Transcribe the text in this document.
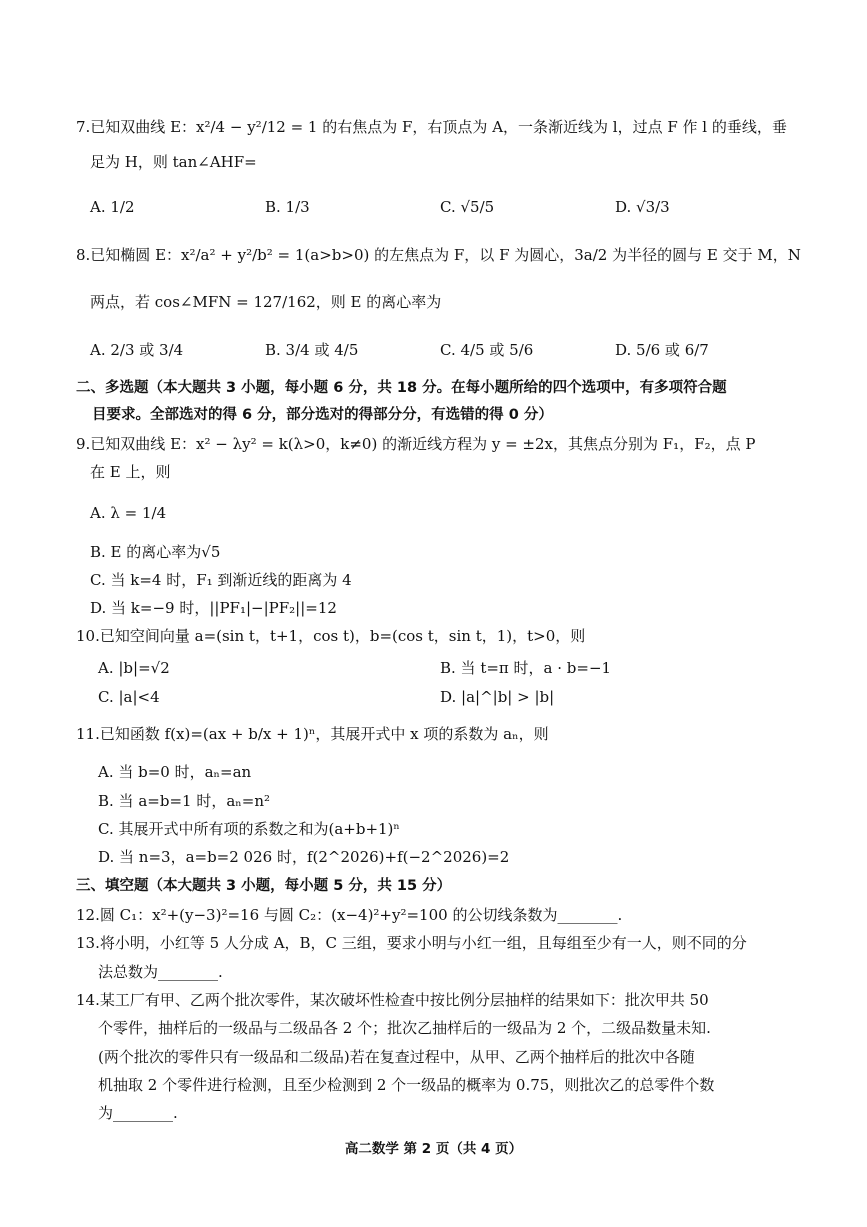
7.已知双曲线 E：x²/4 − y²/12 = 1 的右焦点为 F，右顶点为 A，一条渐近线为 l，过点 F 作 l 的垂线，垂
足为 H，则 tan∠AHF=
A. 1/2	B. 1/3	C. √5/5	D. √3/3
8.已知椭圆 E：x²/a² + y²/b² = 1(a>b>0) 的左焦点为 F，以 F 为圆心，3a/2 为半径的圆与 E 交于 M，N
两点，若 cos∠MFN = 127/162，则 E 的离心率为
A. 2/3 或 3/4	B. 3/4 或 4/5	C. 4/5 或 5/6	D. 5/6 或 6/7
二、多选题（本大题共 3 小题，每小题 6 分，共 18 分。在每小题所给的四个选项中，有多项符合题
目要求。全部选对的得 6 分，部分选对的得部分分，有选错的得 0 分）
9.已知双曲线 E：x² − λy² = k(λ>0，k≠0) 的渐近线方程为 y = ±2x，其焦点分别为 F₁，F₂，点 P
在 E 上，则
A. λ = 1/4
B. E 的离心率为√5
C. 当 k=4 时，F₁ 到渐近线的距离为 4
D. 当 k=−9 时，||PF₁|−|PF₂||=12
10.已知空间向量 a=(sin t，t+1，cos t)，b=(cos t，sin t，1)，t>0，则
A. |b|=√2	B. 当 t=π 时，a · b=−1
C. |a|<4	D. |a|^|b| > |b|
11.已知函数 f(x)=(ax + b/x + 1)ⁿ，其展开式中 x 项的系数为 aₙ，则
A. 当 b=0 时，aₙ=an
B. 当 a=b=1 时，aₙ=n²
C. 其展开式中所有项的系数之和为(a+b+1)ⁿ
D. 当 n=3，a=b=2 026 时，f(2^2026)+f(−2^2026)=2
三、填空题（本大题共 3 小题，每小题 5 分，共 15 分）
12.圆 C₁：x²+(y−3)²=16 与圆 C₂：(x−4)²+y²=100 的公切线条数为________.
13.将小明，小红等 5 人分成 A，B，C 三组，要求小明与小红一组，且每组至少有一人，则不同的分
法总数为________.
14.某工厂有甲、乙两个批次零件，某次破坏性检查中按比例分层抽样的结果如下：批次甲共 50
个零件，抽样后的一级品与二级品各 2 个；批次乙抽样后的一级品为 2 个，二级品数量未知.
(两个批次的零件只有一级品和二级品)若在复查过程中，从甲、乙两个抽样后的批次中各随
机抽取 2 个零件进行检测，且至少检测到 2 个一级品的概率为 0.75，则批次乙的总零件个数
为________.
高二数学 第 2 页（共 4 页）
